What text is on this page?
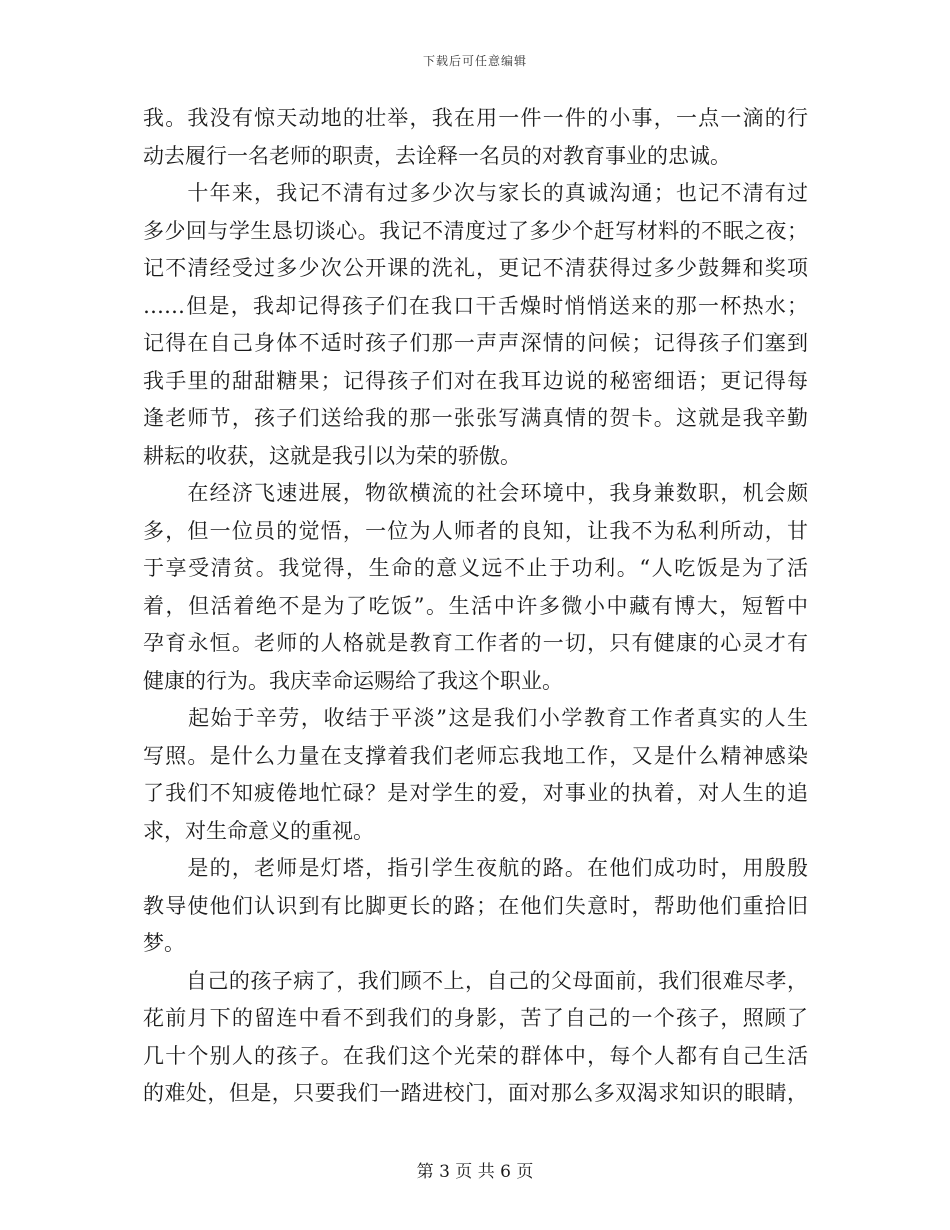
下载后可任意编辑
我。我没有惊天动地的壮举，我在用一件一件的小事，一点一滴的行
动去履行一名老师的职责，去诠释一名员的对教育事业的忠诚。
　　十年来，我记不清有过多少次与家长的真诚沟通；也记不清有过
多少回与学生恳切谈心。我记不清度过了多少个赶写材料的不眠之夜；
记不清经受过多少次公开课的洗礼，更记不清获得过多少鼓舞和奖项
……但是，我却记得孩子们在我口干舌燥时悄悄送来的那一杯热水；
记得在自己身体不适时孩子们那一声声深情的问候；记得孩子们塞到
我手里的甜甜糖果；记得孩子们对在我耳边说的秘密细语；更记得每
逢老师节，孩子们送给我的那一张张写满真情的贺卡。这就是我辛勤
耕耘的收获，这就是我引以为荣的骄傲。
　　在经济飞速进展，物欲横流的社会环境中，我身兼数职，机会颇
多，但一位员的觉悟，一位为人师者的良知，让我不为私利所动，甘
于享受清贫。我觉得，生命的意义远不止于功利。“人吃饭是为了活
着，但活着绝不是为了吃饭”。生活中许多微小中藏有博大，短暂中
孕育永恒。老师的人格就是教育工作者的一切，只有健康的心灵才有
健康的行为。我庆幸命运赐给了我这个职业。
　　起始于辛劳，收结于平淡”这是我们小学教育工作者真实的人生
写照。是什么力量在支撑着我们老师忘我地工作，又是什么精神感染
了我们不知疲倦地忙碌？是对学生的爱，对事业的执着，对人生的追
求，对生命意义的重视。
　　是的，老师是灯塔，指引学生夜航的路。在他们成功时，用殷殷
教导使他们认识到有比脚更长的路；在他们失意时，帮助他们重拾旧
梦。
　　自己的孩子病了，我们顾不上，自己的父母面前，我们很难尽孝，
花前月下的留连中看不到我们的身影，苦了自己的一个孩子，照顾了
几十个别人的孩子。在我们这个光荣的群体中，每个人都有自己生活
的难处，但是，只要我们一踏进校门，面对那么多双渴求知识的眼睛，
第 3 页 共 6 页
